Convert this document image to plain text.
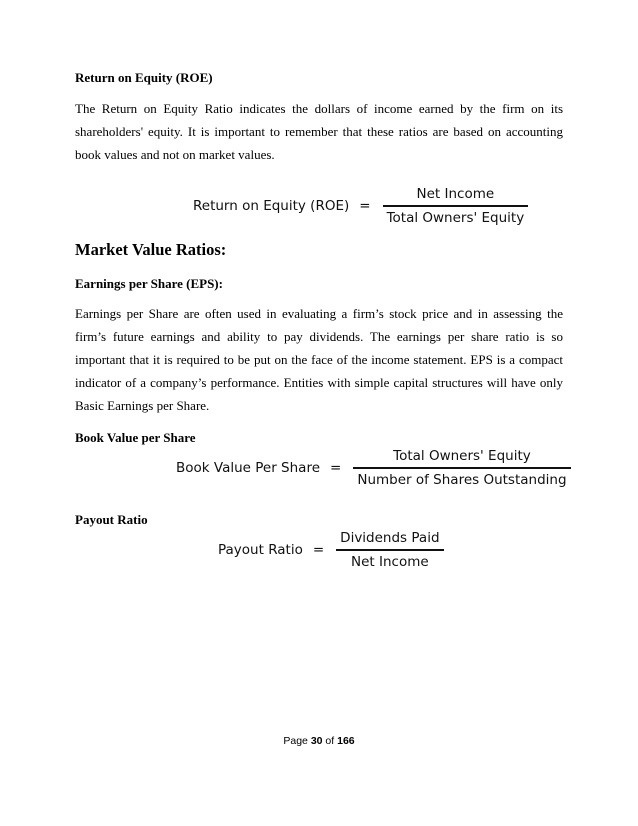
Return on Equity (ROE)
The Return on Equity Ratio indicates the dollars of income earned by the firm on its shareholders' equity. It is important to remember that these ratios are based on accounting book values and not on market values.
Return on Equity $(ROE) = \frac{\text{Net Income}}{\text{Total Owners' Equity}}$
Market Value Ratios:
Earnings per Share (EPS):
Earnings per Share are often used in evaluating a firm’s stock price and in assessing the firm’s future earnings and ability to pay dividends. The earnings per share ratio is so important that it is required to be put on the face of the income statement. EPS is a compact indicator of a company’s performance. Entities with simple capital structures will have only Basic Earnings per Share.
Book Value per Share
Book Value Per Share = $\frac{\text{Total Owners' Equity}}{\text{Number of Shares Outstanding}}$
Payout Ratio
Payout Ratio = $\frac{\text{Dividends Paid}}{\text{Net Income}}$
Page 30 of 166
